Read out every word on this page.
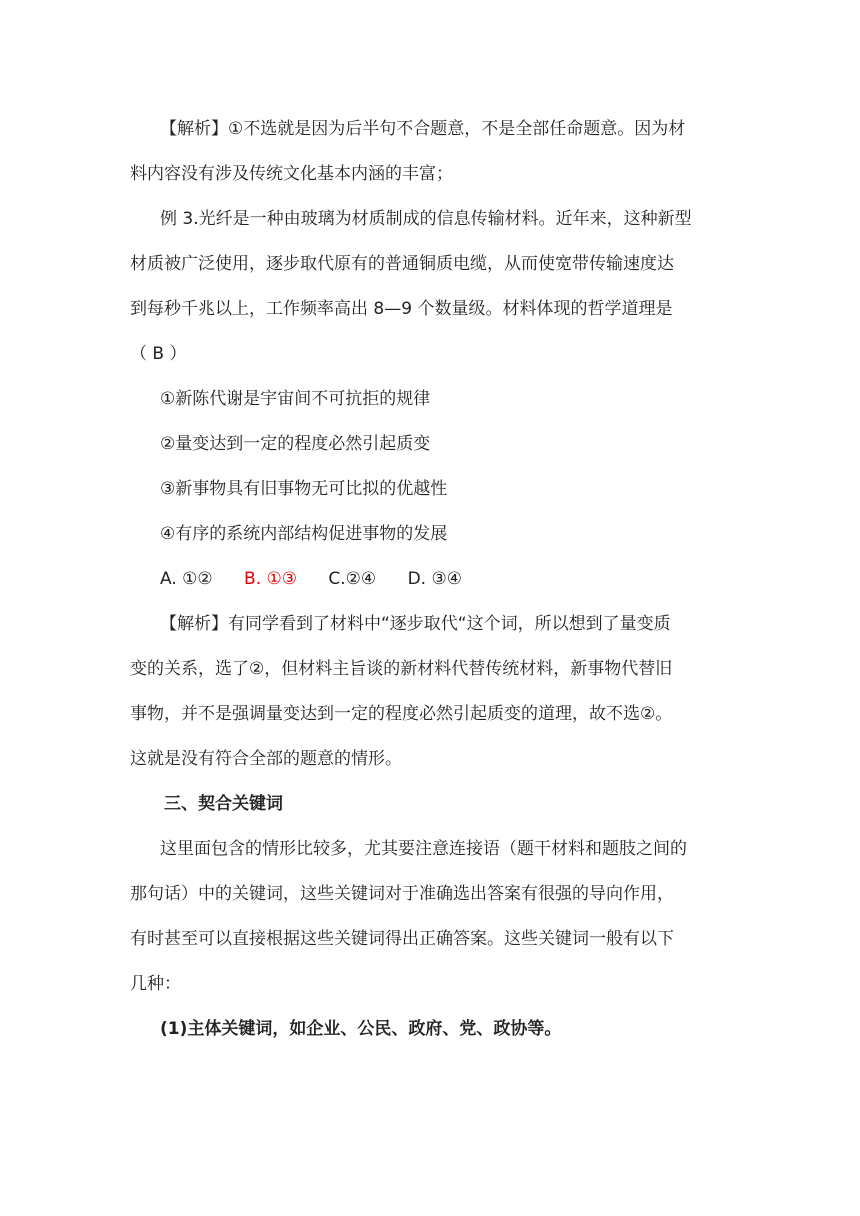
【解析】①不选就是因为后半句不合题意，不是全部任命题意。因为材
料内容没有涉及传统文化基本内涵的丰富；
例 3.光纤是一种由玻璃为材质制成的信息传输材料。近年来，这种新型
材质被广泛使用，逐步取代原有的普通铜质电缆，从而使宽带传输速度达
到每秒千兆以上，工作频率高出 8—9 个数量级。材料体现的哲学道理是
（ B ）
①新陈代谢是宇宙间不可抗拒的规律
②量变达到一定的程度必然引起质变
③新事物具有旧事物无可比拟的优越性
④有序的系统内部结构促进事物的发展
A. ①② B. ①③ C.②④ D. ③④
【解析】有同学看到了材料中“逐步取代“这个词，所以想到了量变质
变的关系，选了②，但材料主旨谈的新材料代替传统材料，新事物代替旧
事物，并不是强调量变达到一定的程度必然引起质变的道理，故不选②。
这就是没有符合全部的题意的情形。
三、契合关键词
这里面包含的情形比较多，尤其要注意连接语（题干材料和题肢之间的
那句话）中的关键词，这些关键词对于准确选出答案有很强的导向作用，
有时甚至可以直接根据这些关键词得出正确答案。这些关键词一般有以下
几种：
(1)主体关键词，如企业、公民、政府、党、政协等。
